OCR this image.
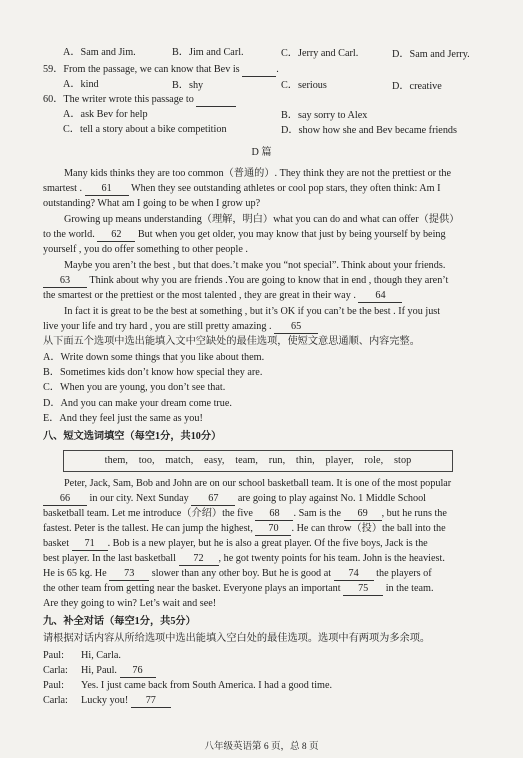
A．Sam and Jim.	B．Jim and Carl.	C．Jerry and Carl.	D．Sam and Jerry.
59．From the passage, we can know that Bev is	.
A．kind	B．shy	C．serious	D．creative
60．The writer wrote this passage to
A．ask Bev for help	B．say sorry to Alex
C．tell a story about a bike competition	D．show how she and Bev became friends
D 篇
Many kids thinks they are too common（普通的）. They think they are not the prettiest or the
smartest . 61 When they see outstanding athletes or cool pop stars, they often think: Am I
outstanding? What am I going to be when I grow up?
Growing up means understanding（理解，明白）what you can do and what can offer（提供）
to the world. 62 But when you get older, you may know that just by being yourself by being
yourself , you do offer something to other people .
Maybe you aren’t the best , but that does.’t make you “not special”. Think about your friends.
63 Think about why you are friends .You are going to know that in end , though they aren’t
the smartest or the prettiest or the most talented , they are great in their way . 64
In fact it is great to be the best at something , but it’s OK if you can’t be the best . If you just
live your life and try hard , you are still pretty amazing . 65
从下面五个选项中选出能填入文中空缺处的最佳选项，使短文意思通顺、内容完整。
A．Write down some things that you like about them.
B．Sometimes kids don’t know how special they are.
C．When you are young, you don’t see that.
D．And you can make your dream come true.
E．And they feel just the same as you!
八、短文选词填空（每空1分，共10分）
them, too, match, easy, team, run, thin, player, role, stop
Peter, Jack, Sam, Bob and John are on our school basketball team. It is one of the most popular
66 in our city. Next Sunday 67 are going to play against No. 1 Middle School
basketball team. Let me introduce（介绍）the five 68 . Sam is the 69 , but he runs the
fastest. Peter is the tallest. He can jump the highest, 70 . He can throw（投）the ball into the
basket 71 . Bob is a new player, but he is also a great player. Of the five boys, Jack is the
best player. In the last basketball 72 , he got twenty points for his team. John is the heaviest.
He is 65 kg. He 73 slower than any other boy. But he is good at 74 the players of
the other team from getting near the basket. Everyone plays an important 75 in the team.
Are they going to win? Let’s wait and see!
九、补全对话（每空1分，共5分）
请根据对话内容从所给选项中选出能填入空白处的最佳选项。选项中有两项为多余项。
Paul: Hi, Carla.
Carla: Hi, Paul. 76
Paul: Yes. I just came back from South America. I had a good time.
Carla: Lucky you! 77
八年级英语第 6 页，总 8 页
